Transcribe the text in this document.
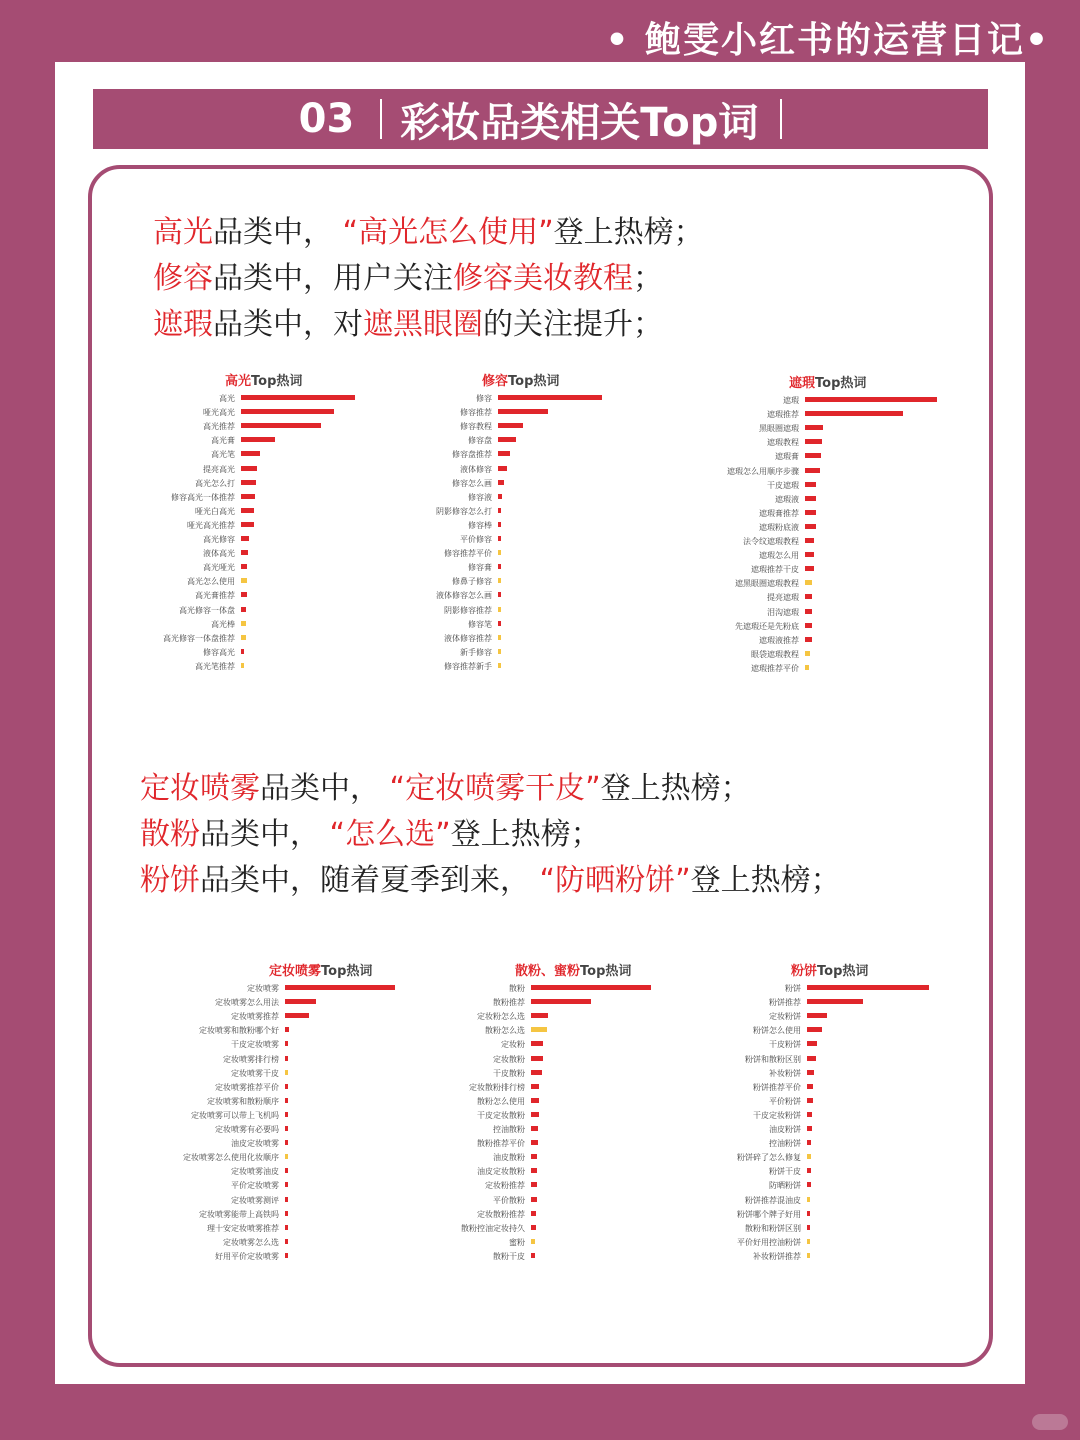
• 鲍雯小红书的运营日记•
03	彩妆品类相关Top词
高光品类中， “高光怎么使用”登上热榜；
修容品类中，用户关注修容美妆教程；
遮瑕品类中，对遮黑眼圈的关注提升；
定妆喷雾品类中， “定妆喷雾干皮”登上热榜；
散粉品类中， “怎么选”登上热榜；
粉饼品类中，随着夏季到来， “防晒粉饼”登上热榜；
高光Top热词
高光
哑光高光
高光推荐
高光膏
高光笔
提亮高光
高光怎么打
修容高光一体推荐
哑光白高光
哑光高光推荐
高光修容
液体高光
高光哑光
高光怎么使用
高光膏推荐
高光修容一体盘
高光棒
高光修容一体盘推荐
修容高光
高光笔推荐
修容Top热词
修容
修容推荐
修容教程
修容盘
修容盘推荐
液体修容
修容怎么画
修容液
阴影修容怎么打
修容棒
平价修容
修容推荐平价
修容膏
修鼻子修容
液体修容怎么画
阴影修容推荐
修容笔
液体修容推荐
新手修容
修容推荐新手
遮瑕Top热词
遮瑕
遮瑕推荐
黑眼圈遮瑕
遮瑕教程
遮瑕膏
遮瑕怎么用顺序步骤
干皮遮瑕
遮瑕液
遮瑕膏推荐
遮瑕粉底液
法令纹遮瑕教程
遮瑕怎么用
遮瑕推荐干皮
遮黑眼圈遮瑕教程
提亮遮瑕
泪沟遮瑕
先遮瑕还是先粉底
遮瑕液推荐
眼袋遮瑕教程
遮瑕推荐平价
定妆喷雾Top热词
定妆喷雾
定妆喷雾怎么用法
定妆喷雾推荐
定妆喷雾和散粉哪个好
干皮定妆喷雾
定妆喷雾排行榜
定妆喷雾干皮
定妆喷雾推荐平价
定妆喷雾和散粉顺序
定妆喷雾可以带上飞机吗
定妆喷雾有必要吗
油皮定妆喷雾
定妆喷雾怎么使用化妆顺序
定妆喷雾油皮
平价定妆喷雾
定妆喷雾测评
定妆喷雾能带上高铁吗
理十安定妆喷雾推荐
定妆喷雾怎么选
好用平价定妆喷雾
散粉、蜜粉Top热词
散粉
散粉推荐
定妆粉怎么选
散粉怎么选
定妆粉
定妆散粉
干皮散粉
定妆散粉排行榜
散粉怎么使用
干皮定妆散粉
控油散粉
散粉推荐平价
油皮散粉
油皮定妆散粉
定妆粉推荐
平价散粉
定妆散粉推荐
散粉控油定妆持久
蜜粉
散粉干皮
粉饼Top热词
粉饼
粉饼推荐
定妆粉饼
粉饼怎么使用
干皮粉饼
粉饼和散粉区别
补妆粉饼
粉饼推荐平价
平价粉饼
干皮定妆粉饼
油皮粉饼
控油粉饼
粉饼碎了怎么修复
粉饼干皮
防晒粉饼
粉饼推荐混油皮
粉饼哪个牌子好用
散粉和粉饼区别
平价好用控油粉饼
补妆粉饼推荐
